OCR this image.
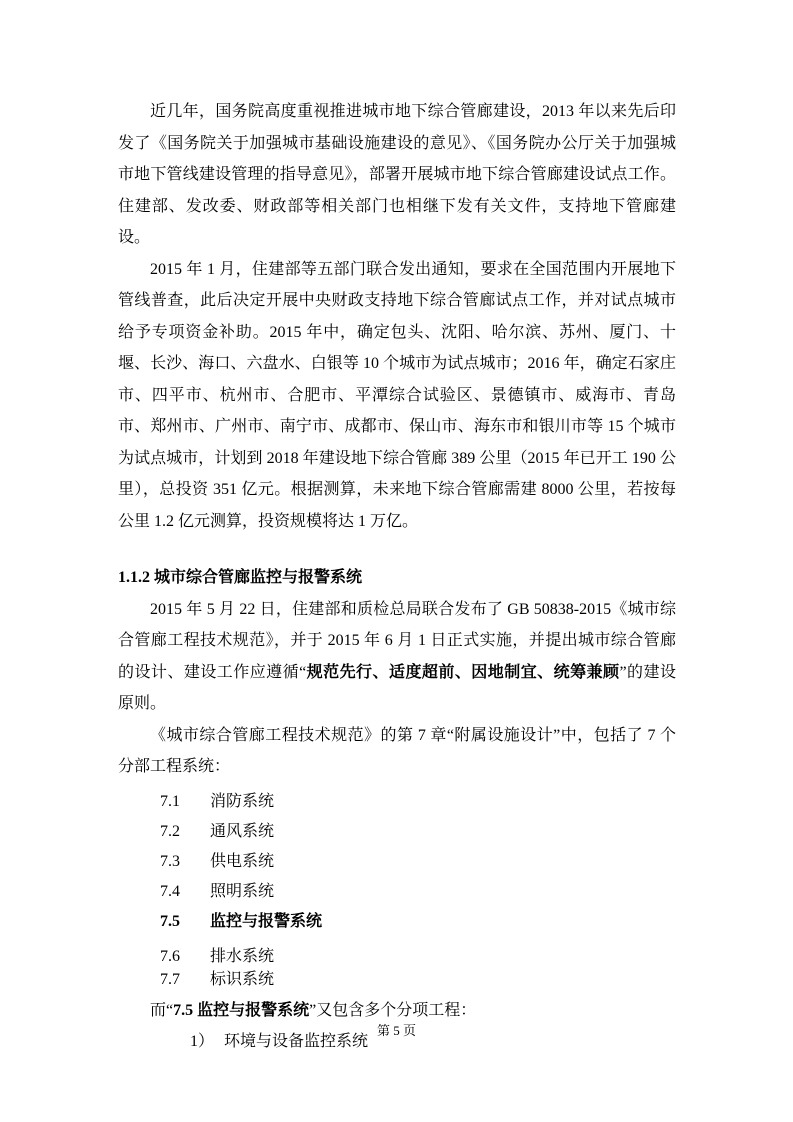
近几年，国务院高度重视推进城市地下综合管廊建设，2013 年以来先后印发了《国务院关于加强城市基础设施建设的意见》、《国务院办公厅关于加强城市地下管线建设管理的指导意见》，部署开展城市地下综合管廊建设试点工作。住建部、发改委、财政部等相关部门也相继下发有关文件，支持地下管廊建设。

2015 年 1 月，住建部等五部门联合发出通知，要求在全国范围内开展地下管线普查，此后决定开展中央财政支持地下综合管廊试点工作，并对试点城市给予专项资金补助。2015 年中，确定包头、沈阳、哈尔滨、苏州、厦门、十堰、长沙、海口、六盘水、白银等 10 个城市为试点城市；2016 年，确定石家庄市、四平市、杭州市、合肥市、平潭综合试验区、景德镇市、威海市、青岛市、郑州市、广州市、南宁市、成都市、保山市、海东市和银川市等 15 个城市为试点城市，计划到 2018 年建设地下综合管廊 389 公里（2015 年已开工 190 公里），总投资 351 亿元。根据测算，未来地下综合管廊需建 8000 公里，若按每公里 1.2 亿元测算，投资规模将达 1 万亿。

1.1.2 城市综合管廊监控与报警系统

2015 年 5 月 22 日，住建部和质检总局联合发布了 GB 50838-2015《城市综合管廊工程技术规范》，并于 2015 年 6 月 1 日正式实施，并提出城市综合管廊的设计、建设工作应遵循“规范先行、适度超前、因地制宜、统筹兼顾”的建设原则。

《城市综合管廊工程技术规范》的第 7 章“附属设施设计”中，包括了 7 个分部工程系统：

7.1 消防系统
7.2 通风系统
7.3 供电系统
7.4 照明系统
7.5 监控与报警系统
7.6 排水系统
7.7 标识系统

而“7.5 监控与报警系统”又包含多个分项工程：

1） 环境与设备监控系统
第 5 页
